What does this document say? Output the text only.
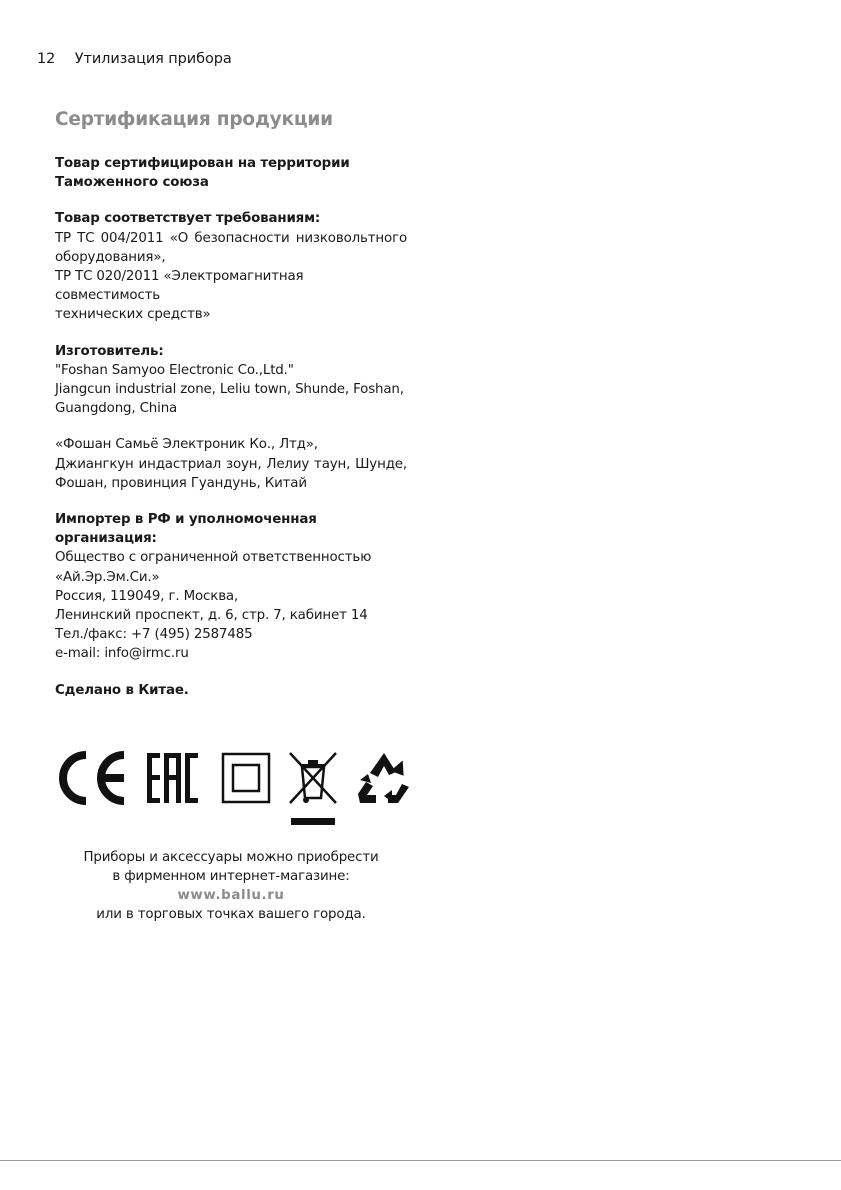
12 Утилизация прибора
Сертификация продукции
Товар сертифицирован на территории
Таможенного союза
Товар соответствует требованиям:
ТР ТС 004/2011 «О безопасности низковольтного
оборудования»,
ТР ТС 020/2011 «Электромагнитная совместимость
технических средств»
Изготовитель:
"Foshan Samyoo Electronic Co.,Ltd."
Jiangcun industrial zone, Leliu town, Shunde, Foshan,
Guangdong, China
«Фошан Самьё Электроник Ко., Лтд»,
Джиангкун индастриал зоун, Лелиу таун, Шунде,
Фошан, провинция Гуандунь, Китай
Импортер в РФ и уполномоченная
организация:
Общество с ограниченной ответственностью
«Ай.Эр.Эм.Си.»
Россия, 119049, г. Москва,
Ленинский проспект, д. 6, стр. 7, кабинет 14
Тел./факс: +7 (495) 2587485
e-mail: info@irmc.ru
Сделано в Китае.
Приборы и аксессуары можно приобрести
в фирменном интернет-магазине:
www.ballu.ru
или в торговых точках вашего города.
